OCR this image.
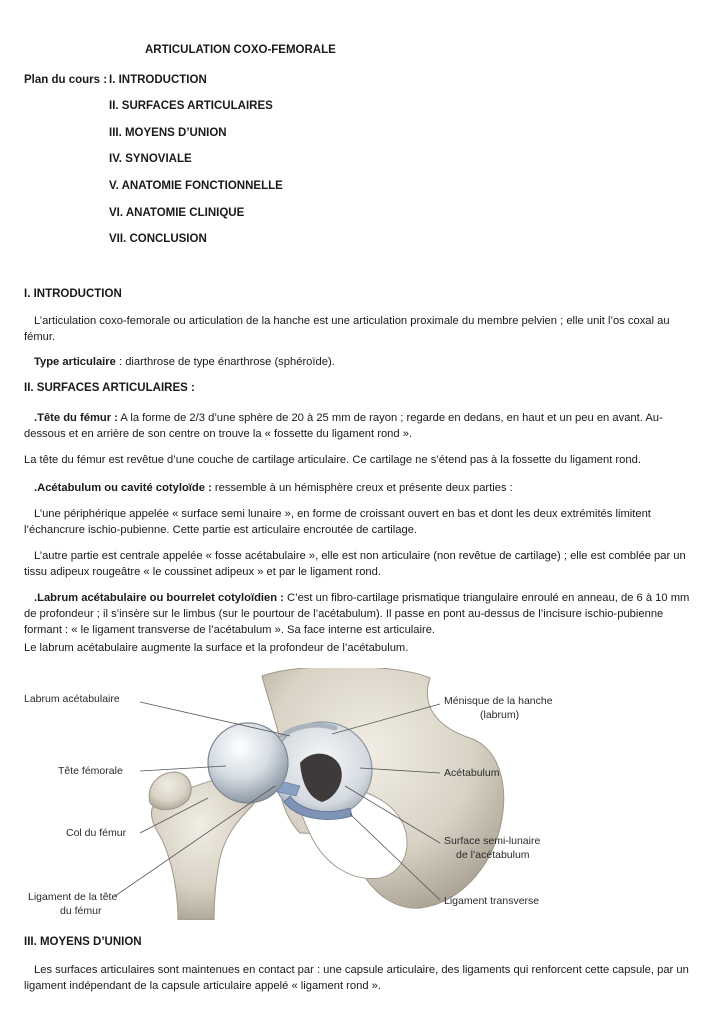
ARTICULATION COXO-FEMORALE
Plan du cours : I. INTRODUCTION
II. SURFACES ARTICULAIRES
III. MOYENS D’UNION
IV. SYNOVIALE
V. ANATOMIE FONCTIONNELLE
VI. ANATOMIE CLINIQUE
VII. CONCLUSION
I. INTRODUCTION
L’articulation coxo-femorale ou articulation de la hanche est une articulation proximale du membre pelvien ; elle unit l’os coxal au fémur.
Type articulaire : diarthrose de type énarthrose (sphéroïde).
II. SURFACES ARTICULAIRES :
.Tête du fémur : A la forme de 2/3 d’une sphère de 20 à 25 mm de rayon ; regarde en dedans, en haut et un peu en avant. Au-dessous et en arrière de son centre on trouve la « fossette du ligament rond ».
La tête du fémur est revêtue d’une couche de cartilage articulaire. Ce cartilage ne s’étend pas à la fossette du ligament rond.
.Acétabulum ou cavité cotyloïde : ressemble à un hémisphère creux et présente deux parties :
L’une périphérique appelée « surface semi lunaire », en forme de croissant ouvert en bas et dont les deux extrémités limitent l’échancrure ischio-pubienne. Cette partie est articulaire encroutée de cartilage.
L’autre partie est centrale appelée « fosse acétabulaire », elle est non articulaire (non revêtue de cartilage) ; elle est comblée par un tissu adipeux rougeâtre « le coussinet adipeux » et par le ligament rond.
.Labrum acétabulaire ou bourrelet cotyloïdien : C’est un fibro-cartilage prismatique triangulaire enroulé en anneau, de 6 à 10 mm de profondeur ; il s’insère sur le limbus (sur le pourtour de l’acétabulum). Il passe en pont au-dessus de l’incisure ischio-pubienne formant : « le ligament transverse de l’acétabulum ». Sa face interne est articulaire.
Le labrum acétabulaire augmente la surface et la profondeur de l’acétabulum.
Labrum acétabulaire
Tête fémorale
Col du fémur
Ligament de la tête
du fémur
Ménisque de la hanche
(labrum)
Acétabulum
Surface semi-lunaire
de l’acétabulum
Ligament transverse
III. MOYENS D’UNION
Les surfaces articulaires sont maintenues en contact par : une capsule articulaire, des ligaments qui renforcent cette capsule, par un ligament indépendant de la capsule articulaire appelé « ligament rond ».
